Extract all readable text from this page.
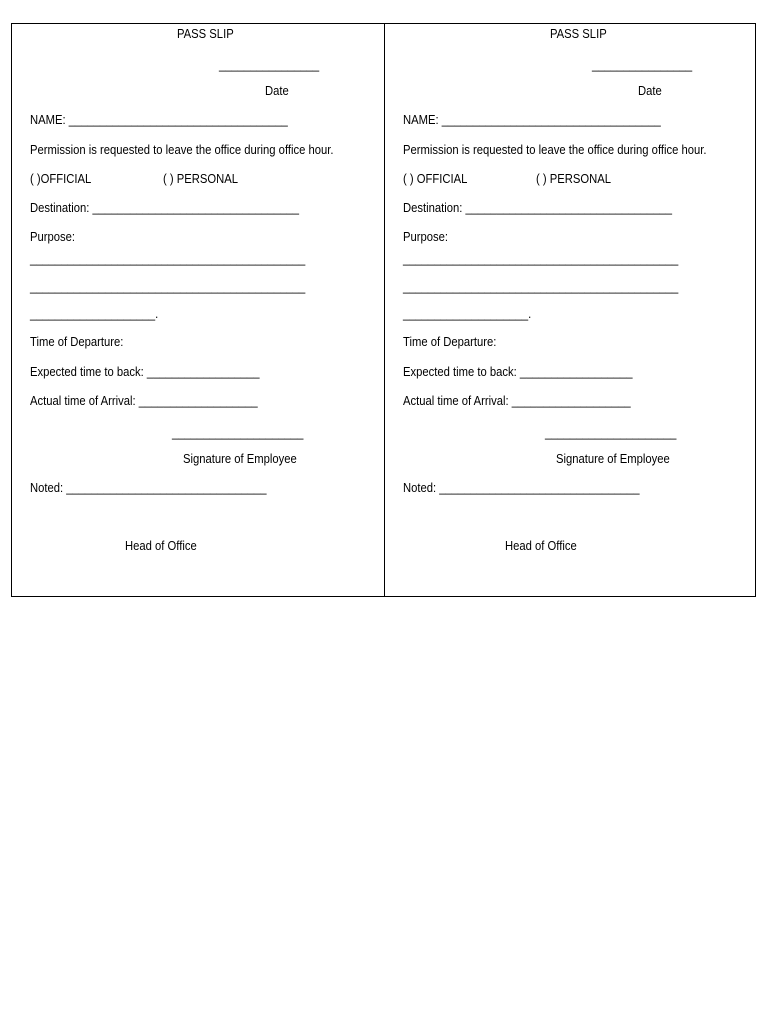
PASS SLIP
________________
Date
NAME: ___________________________________
Permission is requested to leave the office during office hour.
( )OFFICIAL	( ) PERSONAL
Destination: _________________________________
Purpose:
____________________________________________
____________________________________________
____________________.
Time of Departure:
Expected time to back: __________________
Actual time of Arrival: ___________________
_____________________
Signature of Employee
Noted: ________________________________
Head of Office
PASS SLIP
________________
Date
NAME: ___________________________________
Permission is requested to leave the office during office hour.
( ) OFFICIAL	( ) PERSONAL
Destination: _________________________________
Purpose:
____________________________________________
____________________________________________
____________________.
Time of Departure:
Expected time to back: __________________
Actual time of Arrival: ___________________
_____________________
Signature of Employee
Noted: ________________________________
Head of Office
